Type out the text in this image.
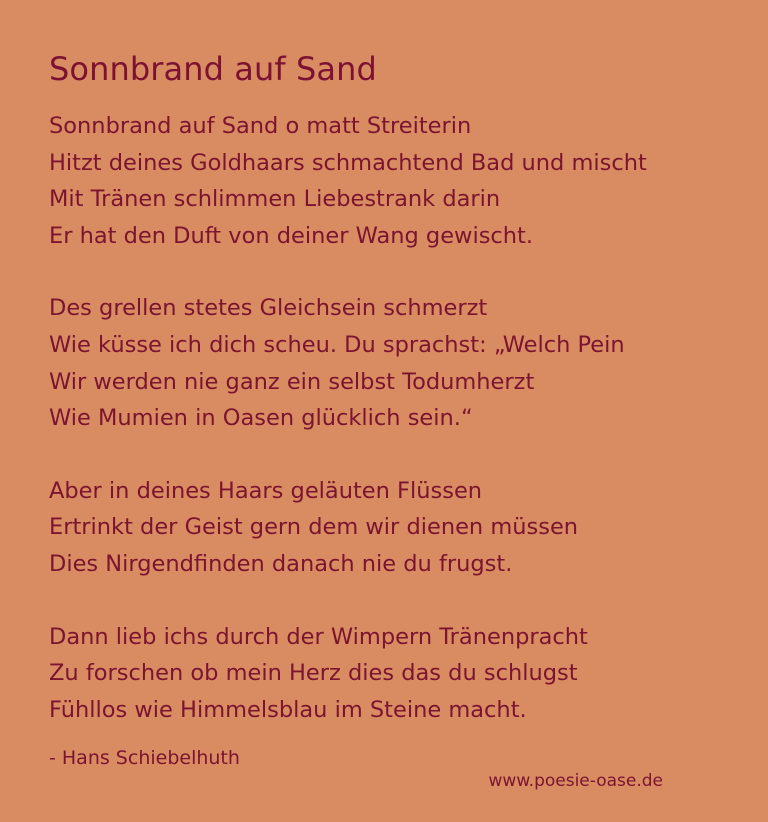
Sonnbrand auf Sand
Sonnbrand auf Sand o matt Streiterin
Hitzt deines Goldhaars schmachtend Bad und mischt
Mit Tränen schlimmen Liebestrank darin
Er hat den Duft von deiner Wang gewischt.
Des grellen stetes Gleichsein schmerzt
Wie küsse ich dich scheu. Du sprachst: „Welch Pein
Wir werden nie ganz ein selbst Todumherzt
Wie Mumien in Oasen glücklich sein.“
Aber in deines Haars geläuten Flüssen
Ertrinkt der Geist gern dem wir dienen müssen
Dies Nirgendfinden danach nie du frugst.
Dann lieb ichs durch der Wimpern Tränenpracht
Zu forschen ob mein Herz dies das du schlugst
Fühllos wie Himmelsblau im Steine macht.
- Hans Schiebelhuth
www.poesie-oase.de
